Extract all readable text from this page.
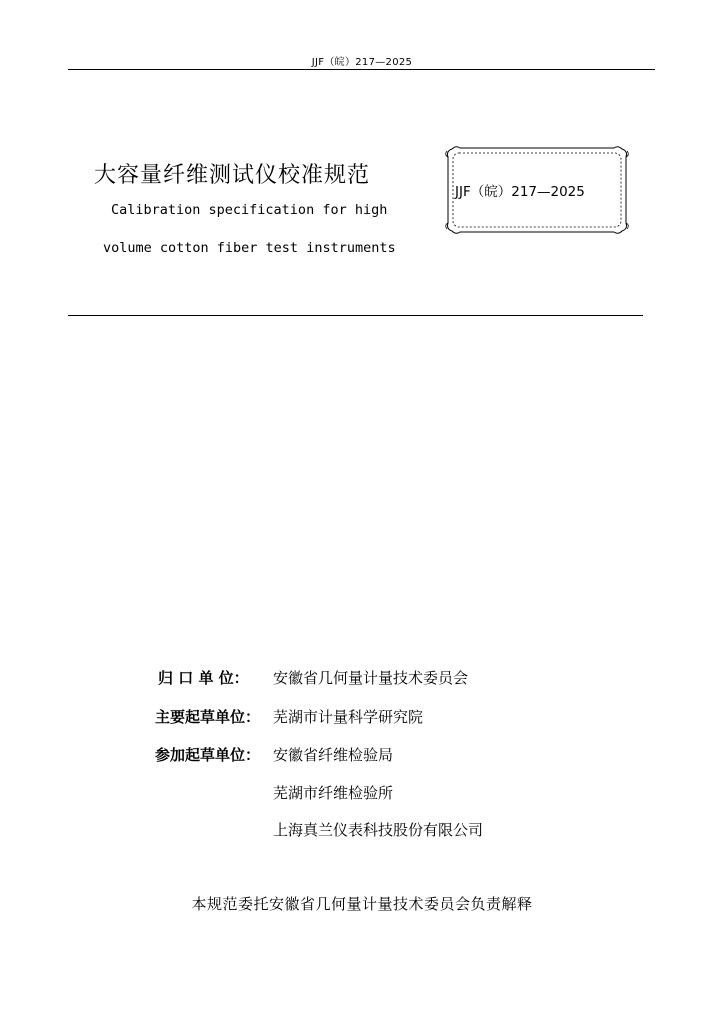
JJF（皖）217—2025
大容量纤维测试仪校准规范
Calibration specification for high
volume cotton fiber test instruments
JJF（皖）217—2025
归 口 单 位： 安徽省几何量计量技术委员会
主要起草单位： 芜湖市计量科学研究院
参加起草单位： 安徽省纤维检验局
芜湖市纤维检验所
上海真兰仪表科技股份有限公司
本规范委托安徽省几何量计量技术委员会负责解释
